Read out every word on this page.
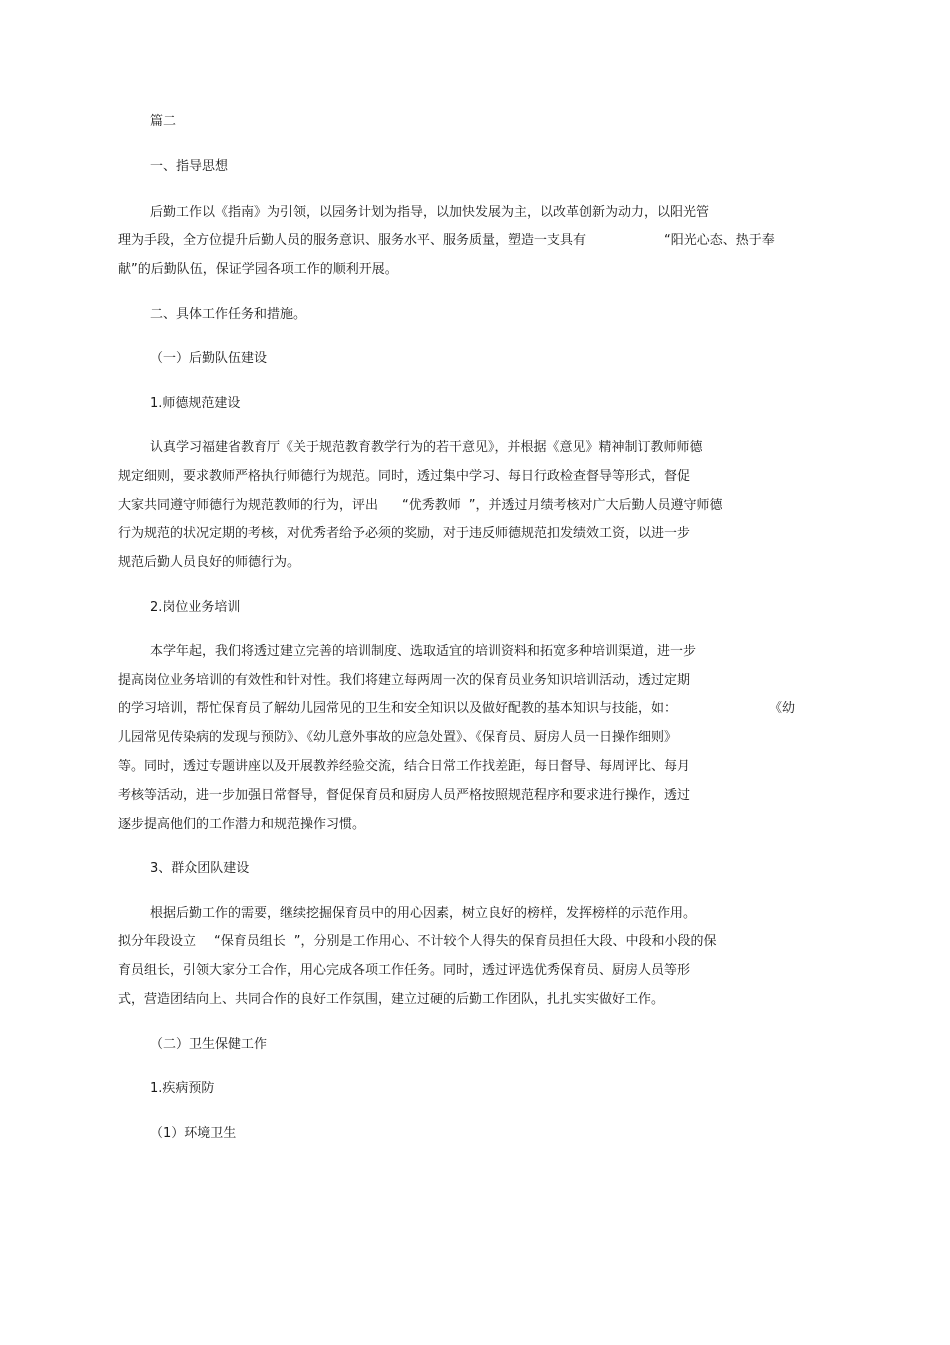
篇二
一、指导思想
后勤工作以《指南》为引领，以园务计划为指导，以加快发展为主，以改革创新为动力，以阳光管
理为手段，全方位提升后勤人员的服务意识、服务水平、服务质量，塑造一支具有	“阳光心态、热于奉
献”的后勤队伍，保证学园各项工作的顺利开展。
二、具体工作任务和措施。
（一）后勤队伍建设
1.师德规范建设
认真学习福建省教育厅《关于规范教育教学行为的若干意见》，并根据《意见》精神制订教师师德
规定细则，要求教师严格执行师德行为规范。同时，透过集中学习、每日行政检查督导等形式，督促
大家共同遵守师德行为规范教师的行为，评出 “优秀教师 ”，并透过月绩考核对广大后勤人员遵守师德
行为规范的状况定期的考核，对优秀者给予必须的奖励，对于违反师德规范扣发绩效工资，以进一步
规范后勤人员良好的师德行为。
2.岗位业务培训
本学年起，我们将透过建立完善的培训制度、选取适宜的培训资料和拓宽多种培训渠道，进一步
提高岗位业务培训的有效性和针对性。我们将建立每两周一次的保育员业务知识培训活动，透过定期
的学习培训，帮忙保育员了解幼儿园常见的卫生和安全知识以及做好配教的基本知识与技能，如：	《幼
儿园常见传染病的发现与预防》、《幼儿意外事故的应急处置》、《保育员、厨房人员一日操作细则》
等。同时，透过专题讲座以及开展教养经验交流，结合日常工作找差距，每日督导、每周评比、每月
考核等活动，进一步加强日常督导，督促保育员和厨房人员严格按照规范程序和要求进行操作，透过
逐步提高他们的工作潜力和规范操作习惯。
3、群众团队建设
根据后勤工作的需要，继续挖掘保育员中的用心因素，树立良好的榜样，发挥榜样的示范作用。
拟分年段设立 “保育员组长 ”，分别是工作用心、不计较个人得失的保育员担任大段、中段和小段的保
育员组长，引领大家分工合作，用心完成各项工作任务。同时，透过评选优秀保育员、厨房人员等形
式，营造团结向上、共同合作的良好工作氛围，建立过硬的后勤工作团队，扎扎实实做好工作。
（二）卫生保健工作
1.疾病预防
（1）环境卫生
